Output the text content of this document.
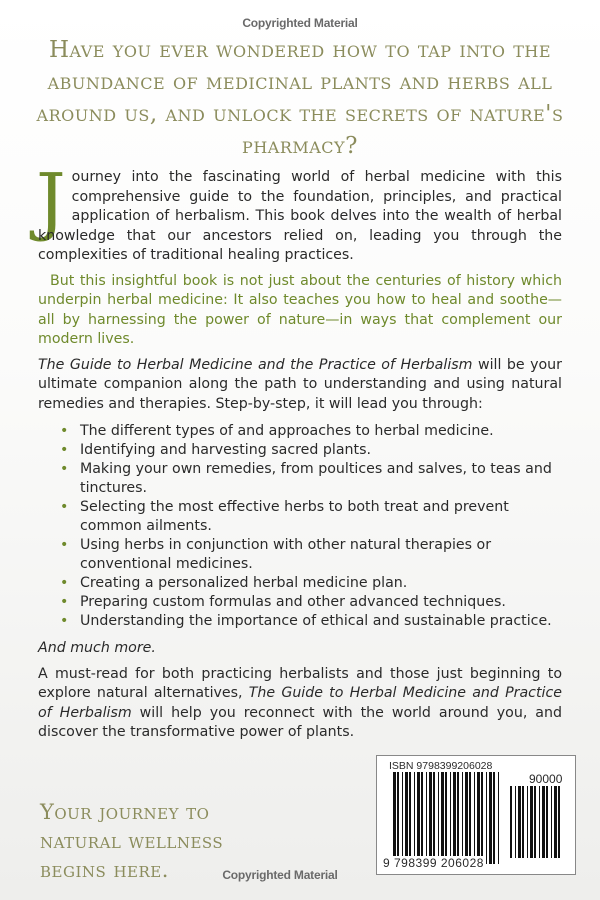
Copyrighted Material
Have you ever wondered how to tap into the abundance of medicinal plants and herbs all around us, and unlock the secrets of nature's pharmacy?

Journey into the fascinating world of herbal medicine with this comprehensive guide to the foundation, principles, and practical application of herbalism. This book delves into the wealth of herbal knowledge that our ancestors relied on, leading you through the complexities of traditional healing practices.

But this insightful book is not just about the centuries of history which underpin herbal medicine: It also teaches you how to heal and soothe—all by harnessing the power of nature—in ways that complement our modern lives.

The Guide to Herbal Medicine and the Practice of Herbalism will be your ultimate companion along the path to understanding and using natural remedies and therapies. Step-by-step, it will lead you through:

• The different types of and approaches to herbal medicine.
• Identifying and harvesting sacred plants.
• Making your own remedies, from poultices and salves, to teas and tinctures.
• Selecting the most effective herbs to both treat and prevent common ailments.
• Using herbs in conjunction with other natural therapies or conventional medicines.
• Creating a personalized herbal medicine plan.
• Preparing custom formulas and other advanced techniques.
• Understanding the importance of ethical and sustainable practice.

And much more.

A must-read for both practicing herbalists and those just beginning to explore natural alternatives, The Guide to Herbal Medicine and Practice of Herbalism will help you reconnect with the world around you, and discover the transformative power of plants.

Your journey to
natural wellness
begins here.
ISBN 9798399206028
90000
9 798399 206028
Copyrighted Material
